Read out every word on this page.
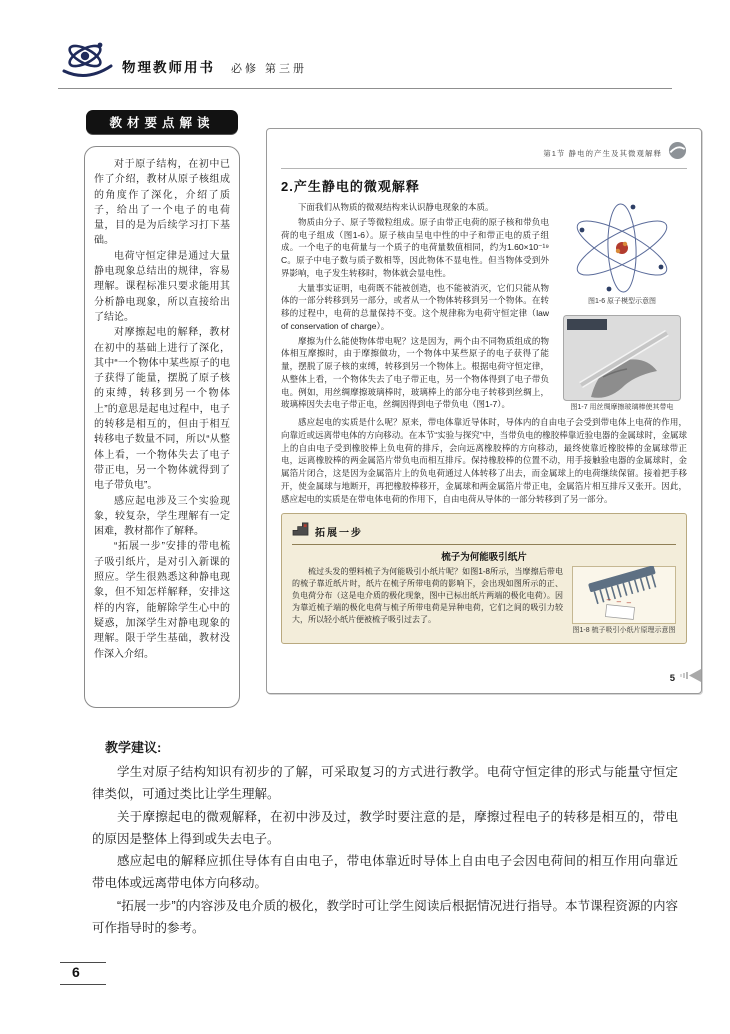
物理教师用书 必修 第三册
教材要点解读

对于原子结构，在初中已作了介绍，教材从原子核组成的角度作了深化，介绍了质子，给出了一个电子的电荷量，目的是为后续学习打下基础。

电荷守恒定律是通过大量静电现象总结出的规律，容易理解。课程标准只要求能用其分析静电现象，所以直接给出了结论。

对摩擦起电的解释，教材在初中的基础上进行了深化，其中“一个物体中某些原子的电子获得了能量，摆脱了原子核的束缚，转移到另一个物体上”的意思是起电过程中，电子的转移是相互的，但由于相互转移电子数量不同，所以“从整体上看，一个物体失去了电子带正电，另一个物体就得到了电子带负电”。

感应起电涉及三个实验现象，较复杂，学生理解有一定困难，教材都作了解释。

“拓展一步”安排的带电梳子吸引纸片，是对引入新课的照应。学生很熟悉这种静电现象，但不知怎样解释，安排这样的内容，能解除学生心中的疑惑，加深学生对静电现象的理解。限于学生基础，教材没作深入介绍。

第1节 静电的产生及其微观解释
2.产生静电的微观解释

下面我们从物质的微观结构来认识静电现象的本质。

物质由分子、原子等微粒组成。原子由带正电荷的原子核和带负电荷的电子组成（图1-6）。原子核由呈电中性的中子和带正电的质子组成。一个电子的电荷量与一个质子的电荷量数值相同，约为1.60×10⁻¹⁹ C。原子中电子数与质子数相等，因此物体不显电性。但当物体受到外界影响，电子发生转移时，物体就会显电性。

大量事实证明，电荷既不能被创造，也不能被消灭，它们只能从物体的一部分转移到另一部分，或者从一个物体转移到另一个物体。在转移的过程中，电荷的总量保持不变。这个规律称为电荷守恒定律（law of conservation of charge）。

摩擦为什么能使物体带电呢？这是因为，两个由不同物质组成的物体相互摩擦时，由于摩擦做功，一个物体中某些原子的电子获得了能量，摆脱了原子核的束缚，转移到另一个物体上。根据电荷守恒定律，从整体上看，一个物体失去了电子带正电，另一个物体得到了电子带负电。例如，用丝绸摩擦玻璃棒时，玻璃棒上的部分电子转移到丝绸上，玻璃棒因失去电子带正电，丝绸因得到电子带负电（图1-7）。

图1-6 原子模型示意图
图1-7 用丝绸摩擦玻璃棒使其带电

感应起电的实质是什么呢？原来，带电体靠近导体时，导体内的自由电子会受到带电体上电荷的作用，向靠近或远离带电体的方向移动。在本节“实验与探究”中，当带负电的橡胶棒靠近验电器的金属球时，金属球上的自由电子受到橡胶棒上负电荷的排斥，会向远离橡胶棒的方向移动，最终使靠近橡胶棒的金属球带正电，远离橡胶棒的两金属箔片带负电而相互排斥。保持橡胶棒的位置不动，用手接触验电器的金属球时，金属箔片闭合，这是因为金属箔片上的负电荷通过人体转移了出去，而金属球上的电荷继续保留。接着把手移开，使金属球与地断开，再把橡胶棒移开，金属球和两金属箔片带正电，金属箔片相互排斥又张开。因此，感应起电的实质是在带电体电荷的作用下，自由电荷从导体的一部分转移到了另一部分。

拓展一步
梳子为何能吸引纸片

梳过头发的塑料梳子为何能吸引小纸片呢？如图1-8所示，当摩擦后带电的梳子靠近纸片时，纸片在梳子所带电荷的影响下，会出现如图所示的正、负电荷分布（这是电介质的极化现象，图中已标出纸片两端的极化电荷）。因为靠近梳子端的极化电荷与梳子所带电荷是异种电荷，它们之间的吸引力较大，所以轻小纸片便被梳子吸引过去了。

− − −
图1-8 梳子吸引小纸片原理示意图
5
教学建议:

学生对原子结构知识有初步的了解，可采取复习的方式进行教学。电荷守恒定律的形式与能量守恒定律类似，可通过类比让学生理解。

关于摩擦起电的微观解释，在初中涉及过，教学时要注意的是，摩擦过程电子的转移是相互的，带电的原因是整体上得到或失去电子。

感应起电的解释应抓住导体有自由电子，带电体靠近时导体上自由电子会因电荷间的相互作用向靠近带电体或远离带电体方向移动。

“拓展一步”的内容涉及电介质的极化，教学时可让学生阅读后根据情况进行指导。本节课程资源的内容可作指导时的参考。

6
